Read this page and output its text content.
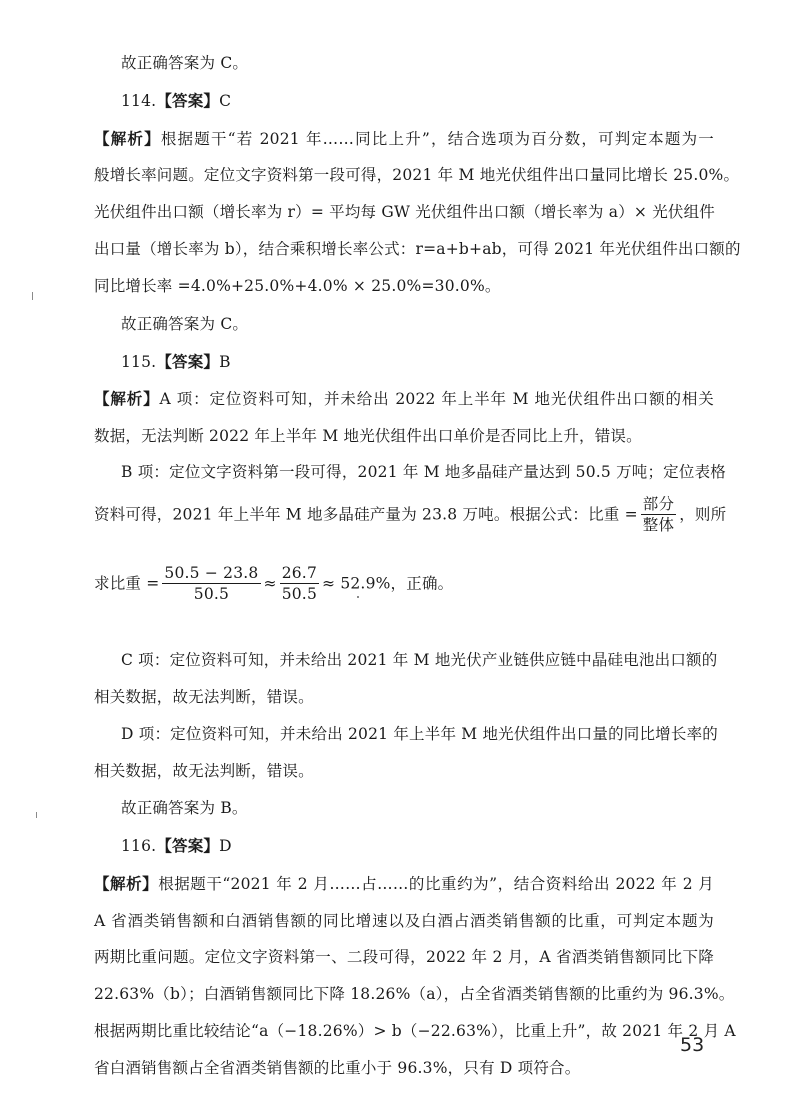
故正确答案为 C。
114.【答案】C
【解析】根据题干“若 2021 年……同比上升”，结合选项为百分数，可判定本题为一
般增长率问题。定位文字资料第一段可得，2021 年 M 地光伏组件出口量同比增长 25.0%。
光伏组件出口额（增长率为 r）= 平均每 GW 光伏组件出口额（增长率为 a）× 光伏组件
出口量（增长率为 b），结合乘积增长率公式：r=a+b+ab，可得 2021 年光伏组件出口额的
同比增长率 =4.0%+25.0%+4.0% × 25.0%=30.0%。
故正确答案为 C。
115.【答案】B
【解析】A 项：定位资料可知，并未给出 2022 年上半年 M 地光伏组件出口额的相关
数据，无法判断 2022 年上半年 M 地光伏组件出口单价是否同比上升，错误。
B 项：定位文字资料第一段可得，2021 年 M 地多晶硅产量达到 50.5 万吨；定位表格
资料可得，2021 年上半年 M 地多晶硅产量为 23.8 万吨。根据公式：比重 = $\frac{\text{部分}}{\text{整体}}$ ，则所
求比重 = $\frac{50.5 - 23.8}{50.5} \approx \frac{26.7}{50.5} \approx 52.9\%$，正确。
C 项：定位资料可知，并未给出 2021 年 M 地光伏产业链供应链中晶硅电池出口额的
相关数据，故无法判断，错误。
D 项：定位资料可知，并未给出 2021 年上半年 M 地光伏组件出口量的同比增长率的
相关数据，故无法判断，错误。
故正确答案为 B。
116.【答案】D
【解析】根据题干“2021 年 2 月……占……的比重约为”，结合资料给出 2022 年 2 月
A 省酒类销售额和白酒销售额的同比增速以及白酒占酒类销售额的比重，可判定本题为
两期比重问题。定位文字资料第一、二段可得，2022 年 2 月，A 省酒类销售额同比下降
22.63%（b）；白酒销售额同比下降 18.26%（a），占全省酒类销售额的比重约为 96.3%。
根据两期比重比较结论“a（−18.26%）> b（−22.63%），比重上升”，故 2021 年 2 月 A
省白酒销售额占全省酒类销售额的比重小于 96.3%，只有 D 项符合。
53
